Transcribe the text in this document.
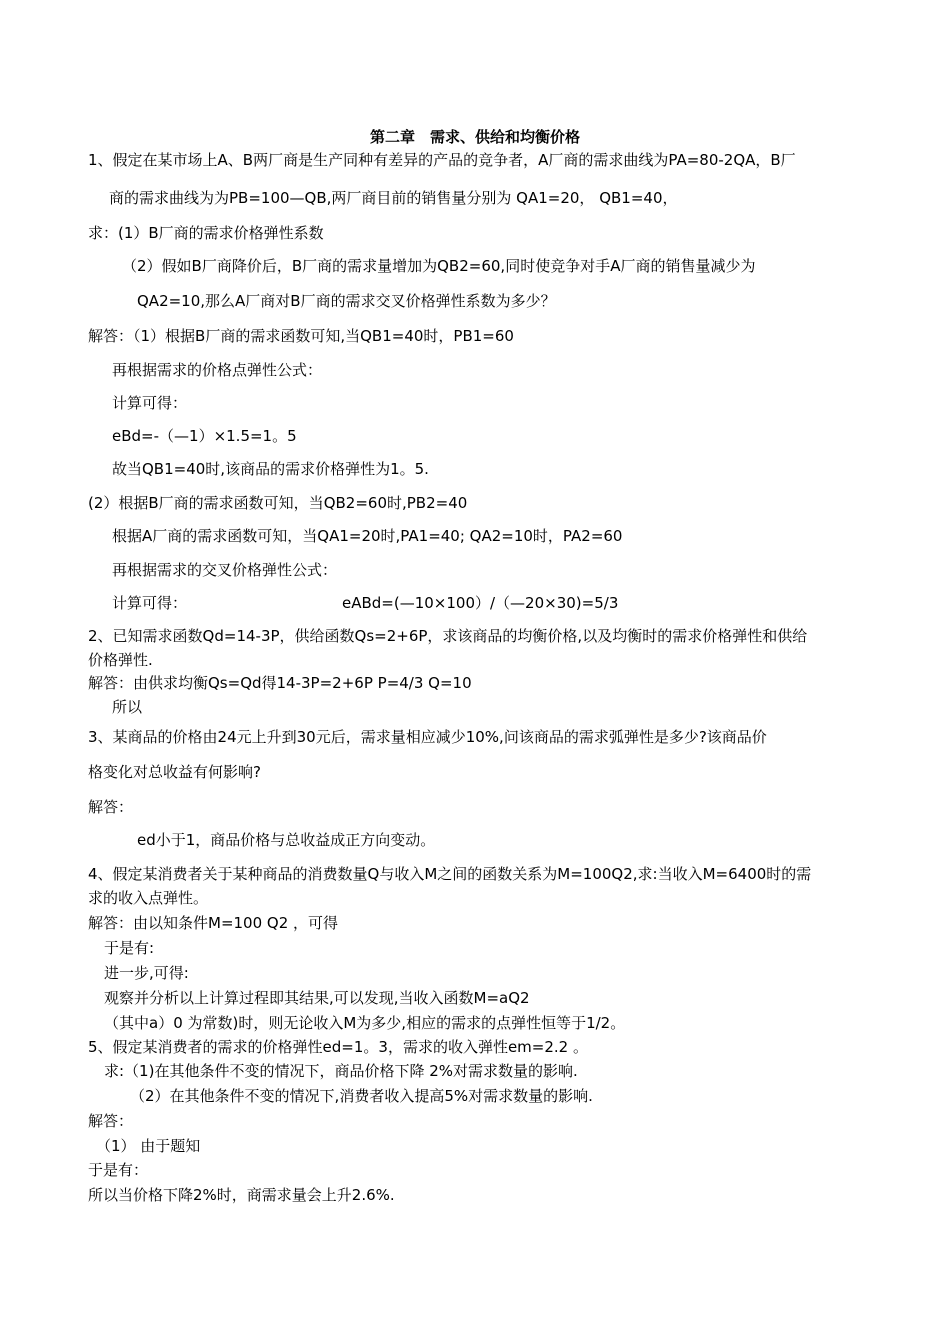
第二章　需求、供给和均衡价格
1、假定在某市场上A、B两厂商是生产同种有差异的产品的竞争者，A厂商的需求曲线为PA=80-2QA，B厂
商的需求曲线为为PB=100—QB,两厂商目前的销售量分别为 QA1=20， QB1=40，
求：(1）B厂商的需求价格弹性系数
（2）假如B厂商降价后，B厂商的需求量增加为QB2=60,同时使竞争对手A厂商的销售量减少为
QA2=10,那么A厂商对B厂商的需求交叉价格弹性系数为多少？
解答：（1）根据B厂商的需求函数可知,当QB1=40时，PB1=60
再根据需求的价格点弹性公式：
计算可得：
eBd=-（—1）×1.5=1。5
故当QB1=40时,该商品的需求价格弹性为1。5.
(2）根据B厂商的需求函数可知，当QB2=60时,PB2=40
根据A厂商的需求函数可知，当QA1=20时,PA1=40; QA2=10时，PA2=60
再根据需求的交叉价格弹性公式：
计算可得：	eABd=(—10×100）/（—20×30)=5/3
2、已知需求函数Qd=14-3P，供给函数Qs=2+6P，求该商品的均衡价格,以及均衡时的需求价格弹性和供给
价格弹性.
解答：由供求均衡Qs=Qd得14-3P=2+6P P=4/3 Q=10
所以
3、某商品的价格由24元上升到30元后，需求量相应减少10%,问该商品的需求弧弹性是多少?该商品价
格变化对总收益有何影响?
解答：
ed小于1，商品价格与总收益成正方向变动。
4、假定某消费者关于某种商品的消费数量Q与收入M之间的函数关系为M=100Q2,求:当收入M=6400时的需
求的收入点弹性。
解答：由以知条件M=100 Q2 ，可得
于是有:
进一步,可得:
观察并分析以上计算过程即其结果,可以发现,当收入函数M=aQ2
（其中a）0 为常数)时，则无论收入M为多少,相应的需求的点弹性恒等于1/2。
5、假定某消费者的需求的价格弹性ed=1。3，需求的收入弹性em=2.2 。
求:（1)在其他条件不变的情况下，商品价格下降 2%对需求数量的影响.
（2）在其他条件不变的情况下,消费者收入提高5%对需求数量的影响.
解答：
（1） 由于题知
于是有：
所以当价格下降2%时，商需求量会上升2.6%.
